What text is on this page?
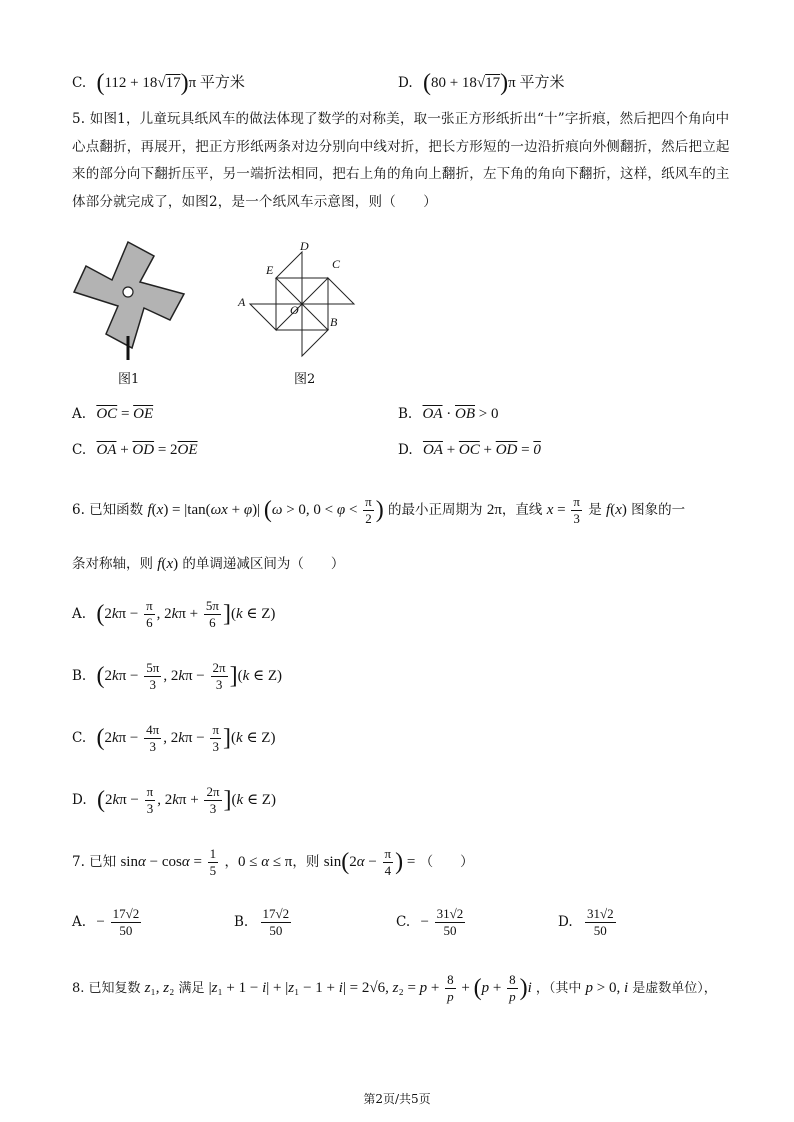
C. (112 + 18√17)π 平方米	D. (80 + 18√17)π 平方米
5. 如图1，儿童玩具纸风车的做法体现了数学的对称美，取一张正方形纸折出“十”字折痕，然后把四个角向中心点翻折，再展开，把正方形纸两条对边分别向中线对折，把长方形短的一边沿折痕向外侧翻折，然后把立起来的部分向下翻折压平，另一端折法相同，把右上角的角向上翻折，左下角的角向下翻折，这样，纸风车的主体部分就完成了，如图2，是一个纸风车示意图，则（　　）
图1
D
E	C
A
O
B
图2
A. $\overline{OC} = \overline{OE}$	B. $\overline{OA} \cdot \overline{OB} > 0$
C. $\overline{OA} + \overline{OD} = 2\overline{OE}$	D. $\overline{OA} + \overline{OC} + \overline{OD} = 0$
6. 已知函数 f(x) = |tan(ωx + φ)| (ω > 0, $0 < \varphi < \frac{\pi}{2}$ ) 的最小正周期为 2π，直线 $x = \frac{\pi}{3}$ 是 f(x) 图象的一
条对称轴，则 f(x) 的单调递减区间为（　　）
A. ($2k\pi - \frac{\pi}{6}$ , $2k\pi + \frac{5\pi}{6} ](k$ ∈ Z)
B. ($2k\pi - \frac{5\pi}{3}$ , $2k\pi - \frac{2\pi}{3} ](k$ ∈ Z)
C. ($2k\pi - \frac{4\pi}{3}$ , $2k\pi - \frac{\pi}{3} ](k$ ∈ Z)
D. ($2k\pi - \frac{\pi}{3}$ , $2k\pi + \frac{2\pi}{3} ](k$ ∈ Z)
7. 已知 $\sin\alpha - \cos\alpha = \frac{1}{5}$ ，0 ≤ α ≤ π，则 $\sin(2\alpha - \frac{\pi}{4}$ ) = （　　）
A. − $\frac{17√2}{50}$	B. $\frac{17√2}{50}$	C. − $\frac{31√2}{50}$	D. $\frac{31√2}{50}$
8. 已知复数 z₁, z₂ 满足 |z₁ + 1 − i| + |z₁ − 1 + i| = 2√6, $z_2 = p + \frac{8}{p} + (p + \frac{8}{p} )i$ ，（其中 p > 0, i 是虚数单位），
第2页/共5页
